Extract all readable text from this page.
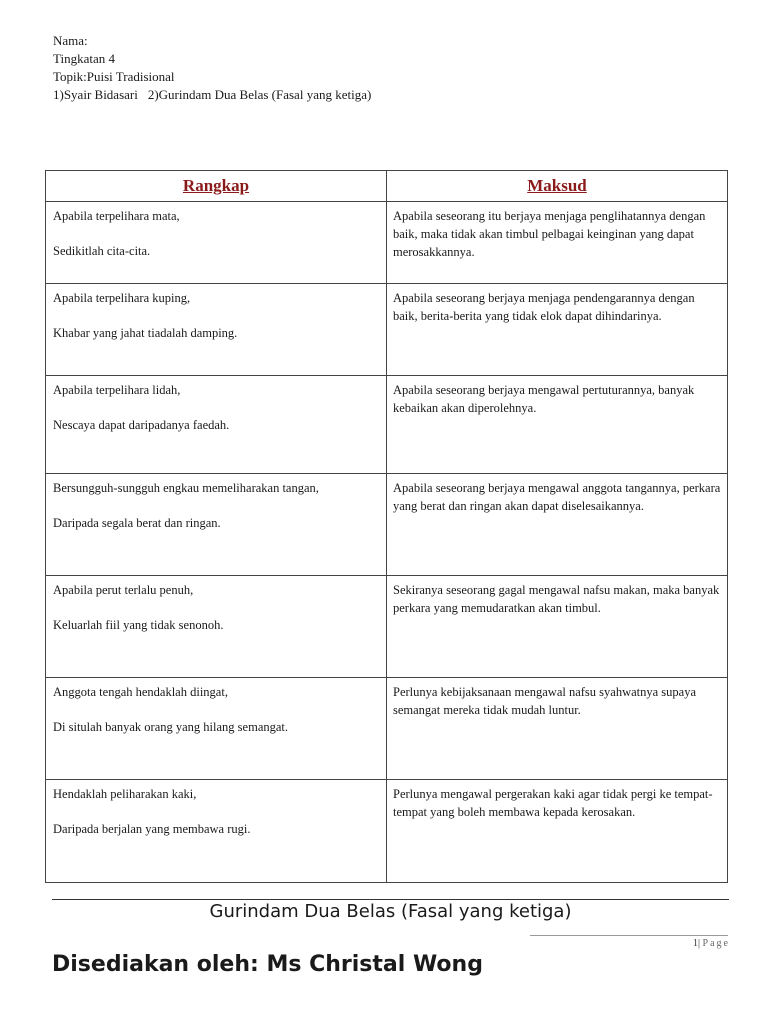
Nama:
Tingkatan 4
Topik:Puisi Tradisional
1)Syair Bidasari 2)Gurindam Dua Belas (Fasal yang ketiga)
Rangkap	Maksud

Apabila terpelihara mata,
Sedikitlah cita-cita.	Apabila seseorang itu berjaya menjaga penglihatannya dengan baik, maka tidak akan timbul pelbagai keinginan yang dapat merosakkannya.

Apabila terpelihara kuping,
Khabar yang jahat tiadalah damping.	Apabila seseorang berjaya menjaga pendengarannya dengan baik, berita-berita yang tidak elok dapat dihindarinya.

Apabila terpelihara lidah,
Nescaya dapat daripadanya faedah.	Apabila seseorang berjaya mengawal pertuturannya, banyak kebaikan akan diperolehnya.

Bersungguh-sungguh engkau memeliharakan tangan,
Daripada segala berat dan ringan.	Apabila seseorang berjaya mengawal anggota tangannya, perkara yang berat dan ringan akan dapat diselesaikannya.

Apabila perut terlalu penuh,
Keluarlah fiil yang tidak senonoh.	Sekiranya seseorang gagal mengawal nafsu makan, maka banyak perkara yang memudaratkan akan timbul.

Anggota tengah hendaklah diingat,
Di situlah banyak orang yang hilang semangat.	Perlunya kebijaksanaan mengawal nafsu syahwatnya supaya semangat mereka tidak mudah luntur.

Hendaklah peliharakan kaki,
Daripada berjalan yang membawa rugi.	Perlunya mengawal pergerakan kaki agar tidak pergi ke tempat-tempat yang boleh membawa kepada kerosakan.
Gurindam Dua Belas (Fasal yang ketiga)
1| Page
Disediakan oleh: Ms Christal Wong
